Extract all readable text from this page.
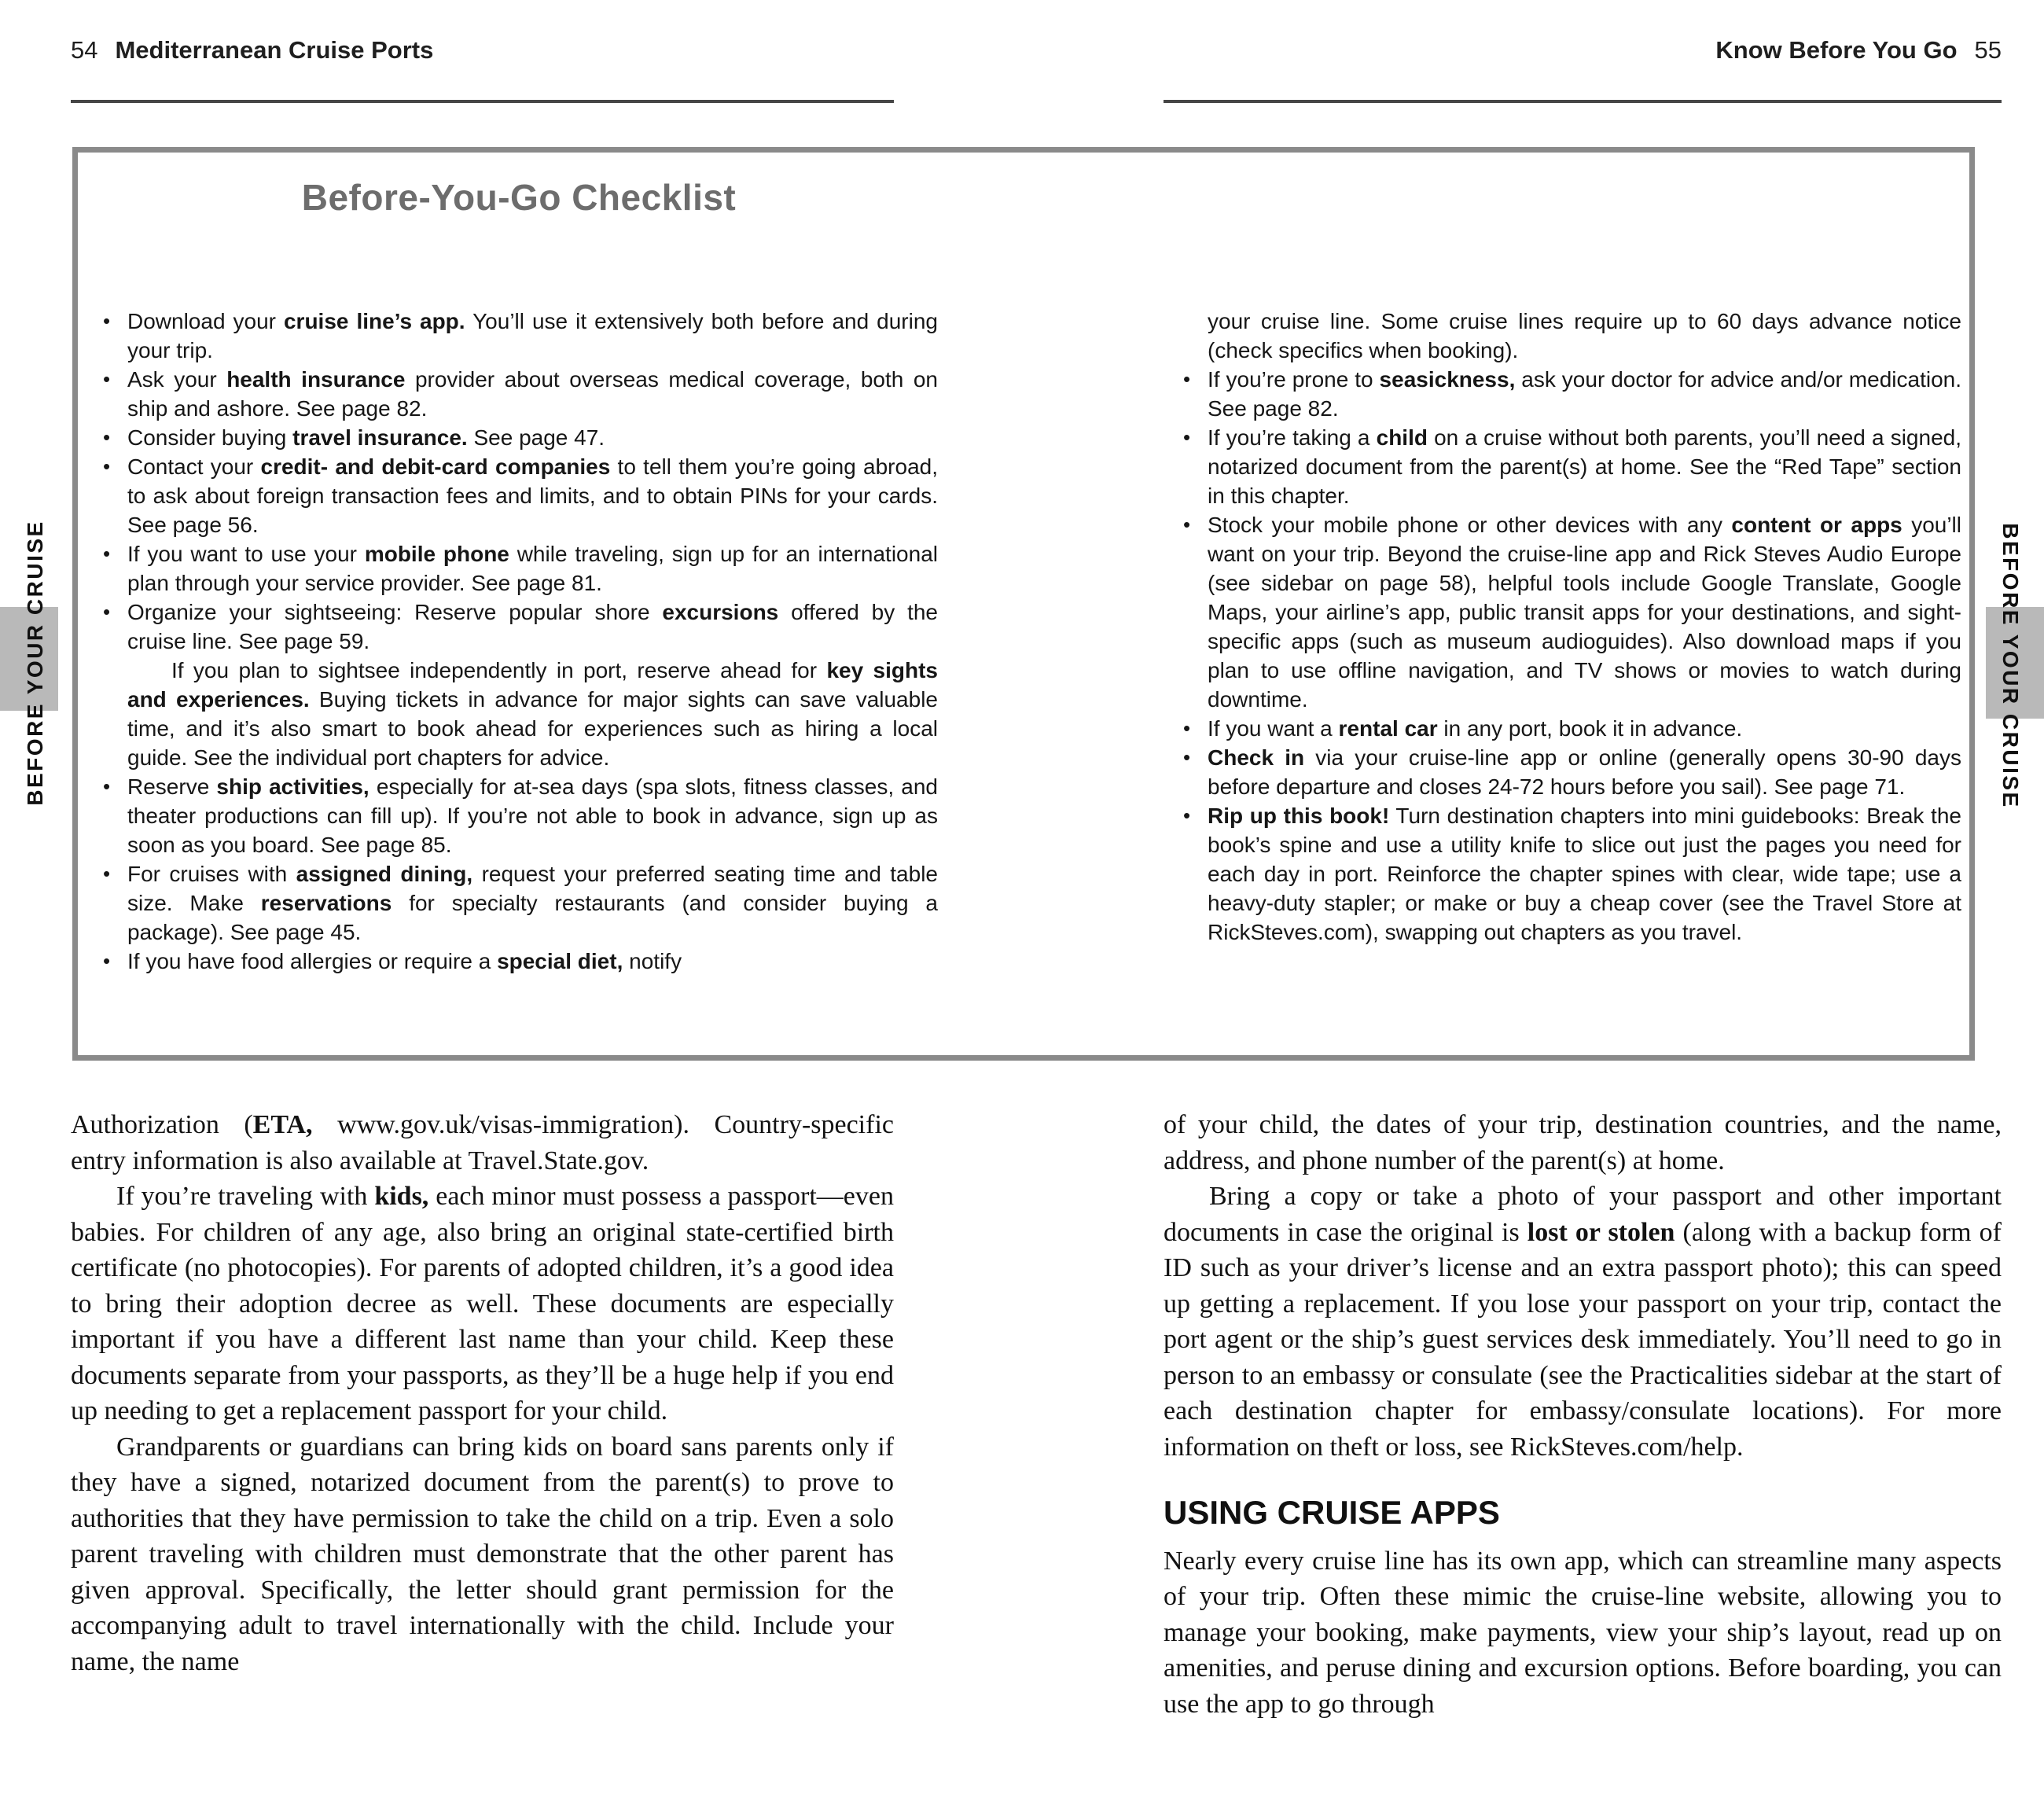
54 Mediterranean Cruise Ports	Know Before You Go 55
Before-You-Go Checklist
• Download your cruise line’s app. You’ll use it extensively both before and during your trip.
• Ask your health insurance provider about overseas medical coverage, both on ship and ashore. See page 82.
• Consider buying travel insurance. See page 47.
• Contact your credit- and debit-card companies to tell them you’re going abroad, to ask about foreign transaction fees and limits, and to obtain PINs for your cards. See page 56.
• If you want to use your mobile phone while traveling, sign up for an international plan through your service provider. See page 81.
• Organize your sightseeing: Reserve popular shore excursions offered by the cruise line. See page 59.
If you plan to sightsee independently in port, reserve ahead for key sights and experiences. Buying tickets in advance for major sights can save valuable time, and it’s also smart to book ahead for experiences such as hiring a local guide. See the individual port chapters for advice.
• Reserve ship activities, especially for at-sea days (spa slots, fitness classes, and theater productions can fill up). If you’re not able to book in advance, sign up as soon as you board. See page 85.
• For cruises with assigned dining, request your preferred seating time and table size. Make reservations for specialty restaurants (and consider buying a package). See page 45.
• If you have food allergies or require a special diet, notify
your cruise line. Some cruise lines require up to 60 days advance notice (check specifics when booking).
• If you’re prone to seasickness, ask your doctor for advice and/or medication. See page 82.
• If you’re taking a child on a cruise without both parents, you’ll need a signed, notarized document from the parent(s) at home. See the “Red Tape” section in this chapter.
• Stock your mobile phone or other devices with any content or apps you’ll want on your trip. Beyond the cruise-line app and Rick Steves Audio Europe (see sidebar on page 58), helpful tools include Google Translate, Google Maps, your airline’s app, public transit apps for your destinations, and sight-specific apps (such as museum audioguides). Also download maps if you plan to use offline navigation, and TV shows or movies to watch during downtime.
• If you want a rental car in any port, book it in advance.
• Check in via your cruise-line app or online (generally opens 30-90 days before departure and closes 24-72 hours before you sail). See page 71.
• Rip up this book! Turn destination chapters into mini guidebooks: Break the book’s spine and use a utility knife to slice out just the pages you need for each day in port. Reinforce the chapter spines with clear, wide tape; use a heavy-duty stapler; or make or buy a cheap cover (see the Travel Store at RickSteves.com), swapping out chapters as you travel.

Authorization (ETA, www.gov.uk/visas-immigration). Country-specific entry information is also available at Travel.State.gov.

If you’re traveling with kids, each minor must possess a passport—even babies. For children of any age, also bring an original state-certified birth certificate (no photocopies). For parents of adopted children, it’s a good idea to bring their adoption decree as well. These documents are especially important if you have a different last name than your child. Keep these documents separate from your passports, as they’ll be a huge help if you end up needing to get a replacement passport for your child.

Grandparents or guardians can bring kids on board sans parents only if they have a signed, notarized document from the parent(s) to prove to authorities that they have permission to take the child on a trip. Even a solo parent traveling with children must demonstrate that the other parent has given approval. Specifically, the letter should grant permission for the accompanying adult to travel internationally with the child. Include your name, the name

of your child, the dates of your trip, destination countries, and the name, address, and phone number of the parent(s) at home.

Bring a copy or take a photo of your passport and other important documents in case the original is lost or stolen (along with a backup form of ID such as your driver’s license and an extra passport photo); this can speed up getting a replacement. If you lose your passport on your trip, contact the port agent or the ship’s guest services desk immediately. You’ll need to go in person to an embassy or consulate (see the Practicalities sidebar at the start of each destination chapter for embassy/consulate locations). For more information on theft or loss, see RickSteves.com/help.

USING CRUISE APPS

Nearly every cruise line has its own app, which can streamline many aspects of your trip. Often these mimic the cruise-line website, allowing you to manage your booking, make payments, view your ship’s layout, read up on amenities, and peruse dining and excursion options. Before boarding, you can use the app to go through

BEFORE YOUR CRUISE	BEFORE YOUR CRUISE
